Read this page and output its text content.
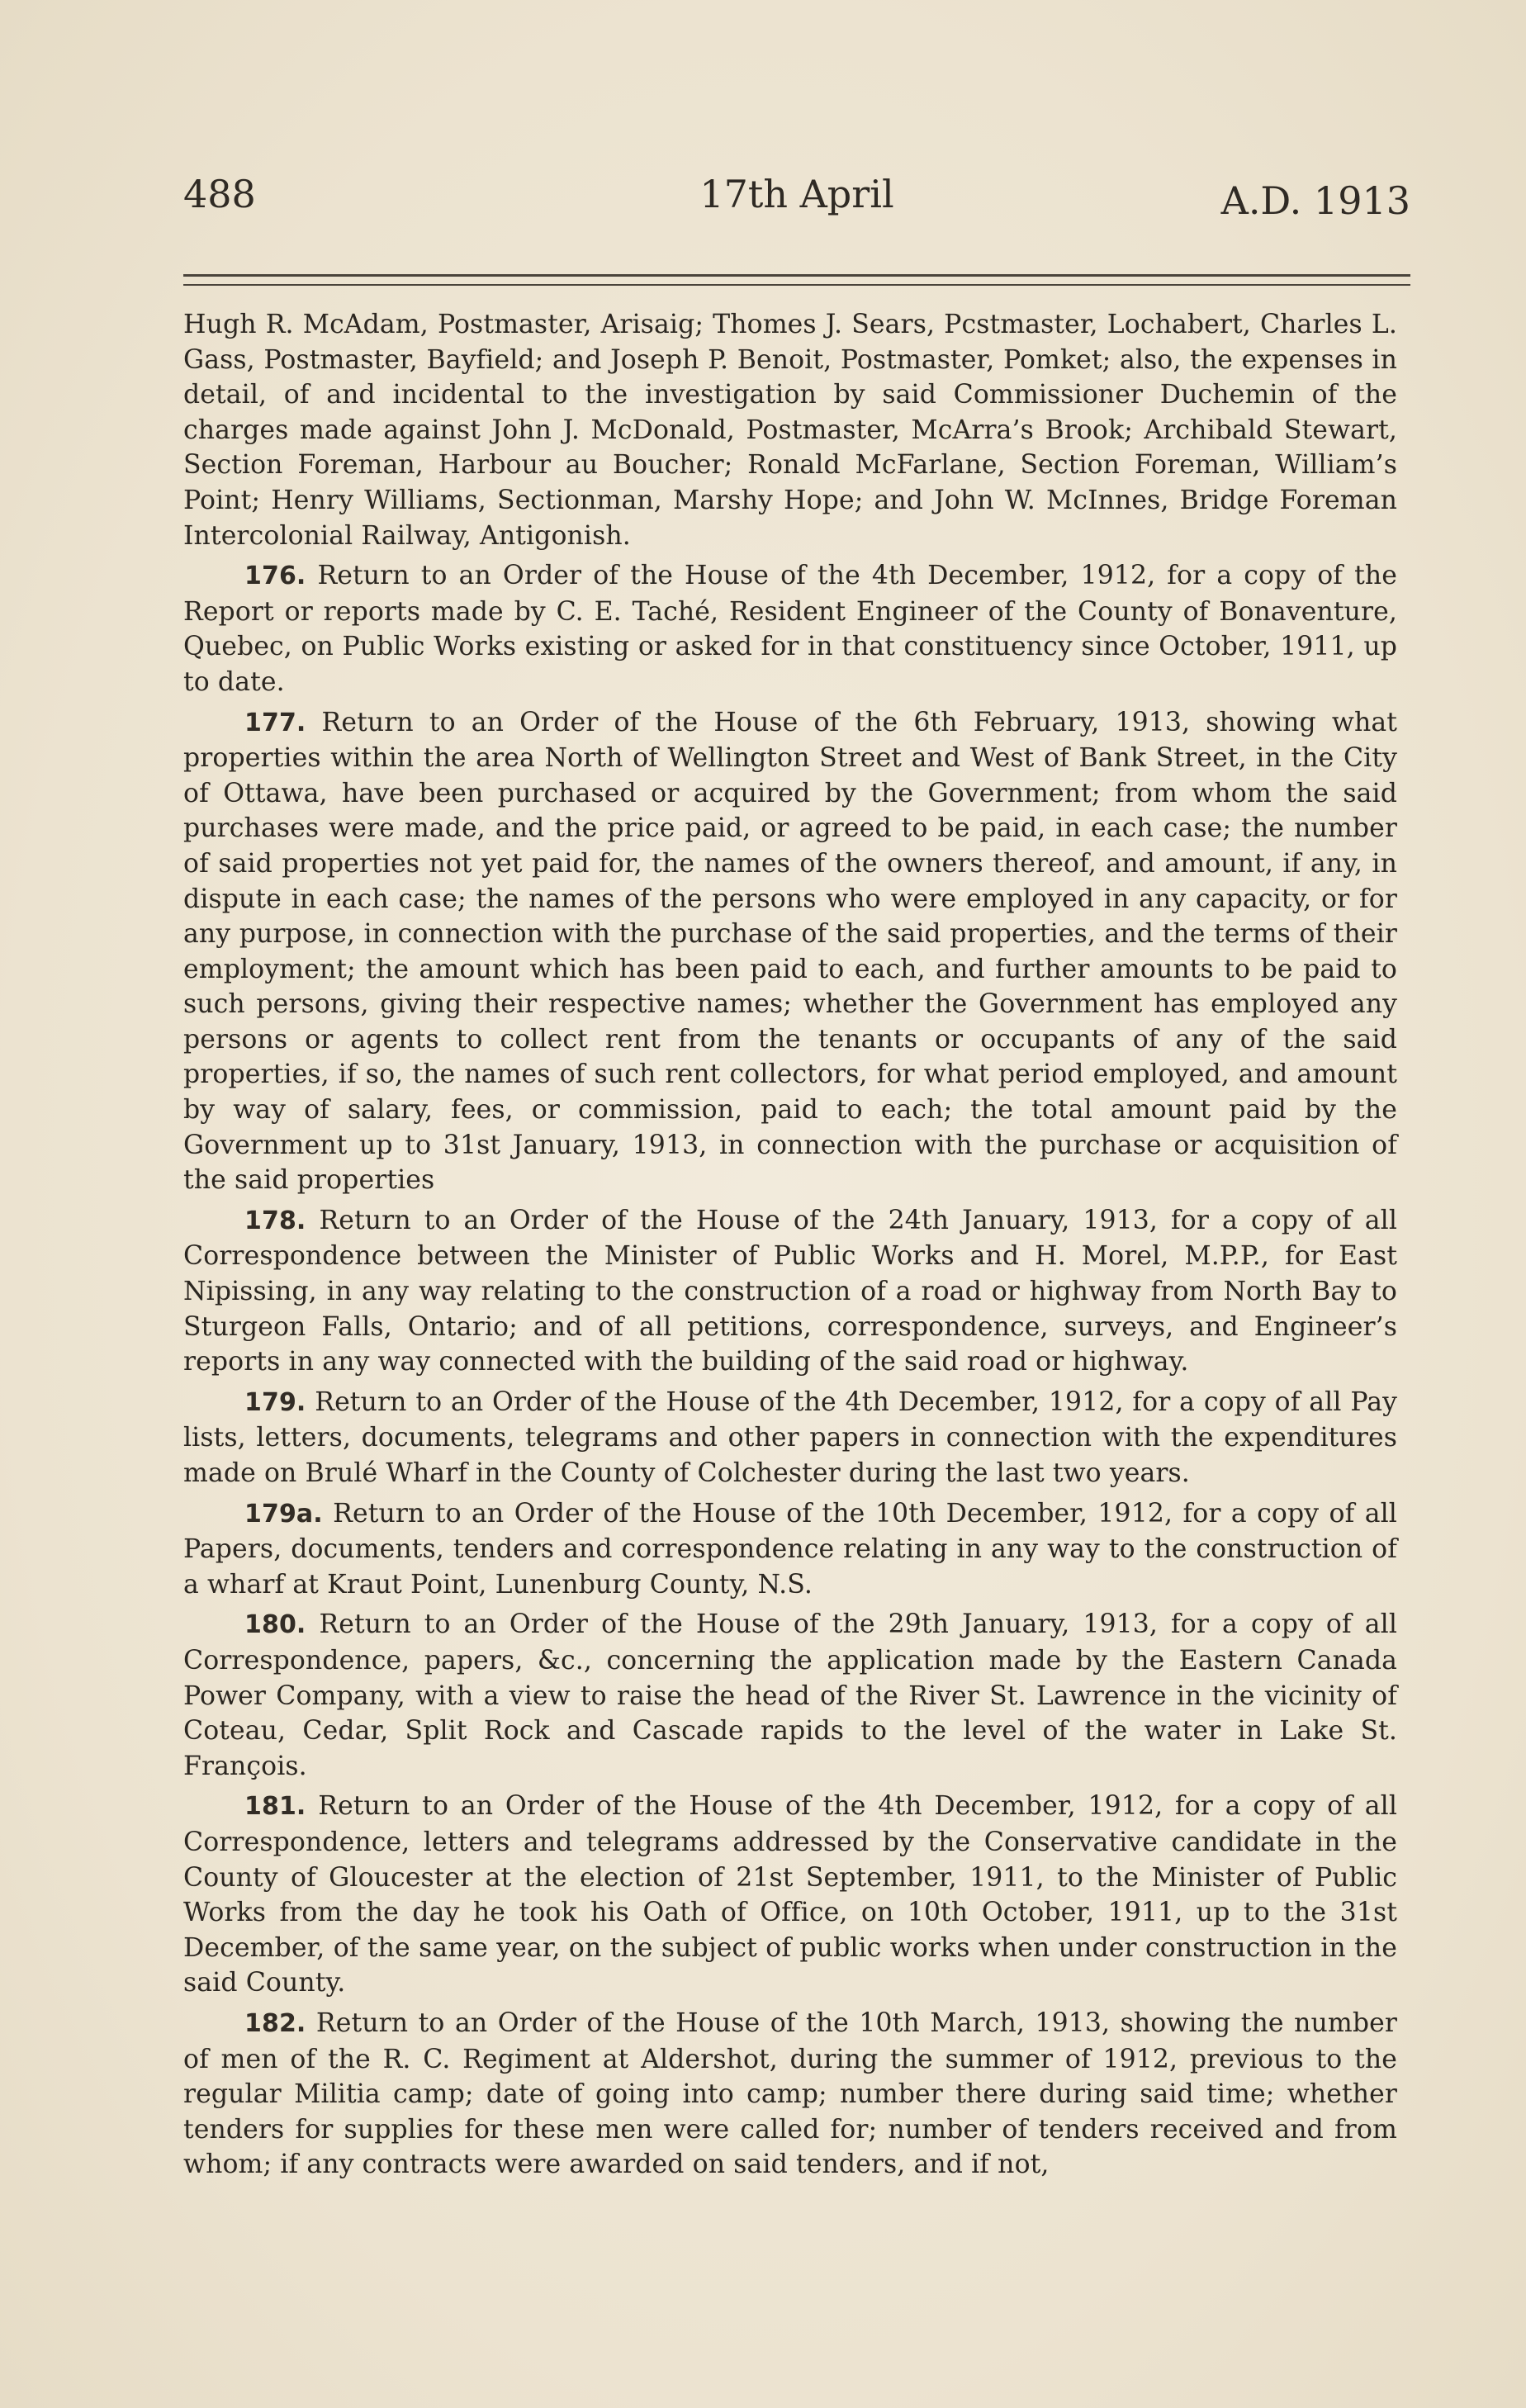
488	17th April	A.D. 1913

Hugh R. McAdam, Postmaster, Arisaig; Thomes J. Sears, Pcstmaster, Lochabert, Charles L. Gass, Postmaster, Bayfield; and Joseph P. Benoit, Postmaster, Pomket; also, the expenses in detail, of and incidental to the investigation by said Commissioner Duchemin of the charges made against John J. McDonald, Postmaster, McArra’s Brook; Archibald Stewart, Section Foreman, Harbour au Boucher; Ronald McFarlane, Section Foreman, William’s Point; Henry Williams, Sectionman, Marshy Hope; and John W. McInnes, Bridge Foreman Intercolonial Railway, Antigonish.

176. Return to an Order of the House of the 4th December, 1912, for a copy of the Report or reports made by C. E. Taché, Resident Engineer of the County of Bonaventure, Quebec, on Public Works existing or asked for in that constituency since October, 1911, up to date.

177. Return to an Order of the House of the 6th February, 1913, showing what properties within the area North of Wellington Street and West of Bank Street, in the City of Ottawa, have been purchased or acquired by the Government; from whom the said purchases were made, and the price paid, or agreed to be paid, in each case; the number of said properties not yet paid for, the names of the owners thereof, and amount, if any, in dispute in each case; the names of the persons who were employed in any capacity, or for any purpose, in connection with the purchase of the said properties, and the terms of their employment; the amount which has been paid to each, and further amounts to be paid to such persons, giving their respective names; whether the Government has employed any persons or agents to collect rent from the tenants or occupants of any of the said properties, if so, the names of such rent collectors, for what period employed, and amount by way of salary, fees, or commission, paid to each; the total amount paid by the Government up to 31st January, 1913, in connection with the purchase or acquisition of the said properties

178. Return to an Order of the House of the 24th January, 1913, for a copy of all Correspondence between the Minister of Public Works and H. Morel, M.P.P., for East Nipissing, in any way relating to the construction of a road or highway from North Bay to Sturgeon Falls, Ontario; and of all petitions, correspondence, surveys, and Engineer’s reports in any way connected with the building of the said road or highway.

179. Return to an Order of the House of the 4th December, 1912, for a copy of all Pay lists, letters, documents, telegrams and other papers in connection with the expenditures made on Brulé Wharf in the County of Colchester during the last two years.

179a. Return to an Order of the House of the 10th December, 1912, for a copy of all Papers, documents, tenders and correspondence relating in any way to the construction of a wharf at Kraut Point, Lunenburg County, N.S.

180. Return to an Order of the House of the 29th January, 1913, for a copy of all Correspondence, papers, &c., concerning the application made by the Eastern Canada Power Company, with a view to raise the head of the River St. Lawrence in the vicinity of Coteau, Cedar, Split Rock and Cascade rapids to the level of the water in Lake St. François.

181. Return to an Order of the House of the 4th December, 1912, for a copy of all Correspondence, letters and telegrams addressed by the Conservative candidate in the County of Gloucester at the election of 21st September, 1911, to the Minister of Public Works from the day he took his Oath of Office, on 10th October, 1911, up to the 31st December, of the same year, on the subject of public works when under construction in the said County.

182. Return to an Order of the House of the 10th March, 1913, showing the number of men of the R. C. Regiment at Aldershot, during the summer of 1912, previous to the regular Militia camp; date of going into camp; number there during said time; whether tenders for supplies for these men were called for; number of tenders received and from whom; if any contracts were awarded on said tenders, and if not,
